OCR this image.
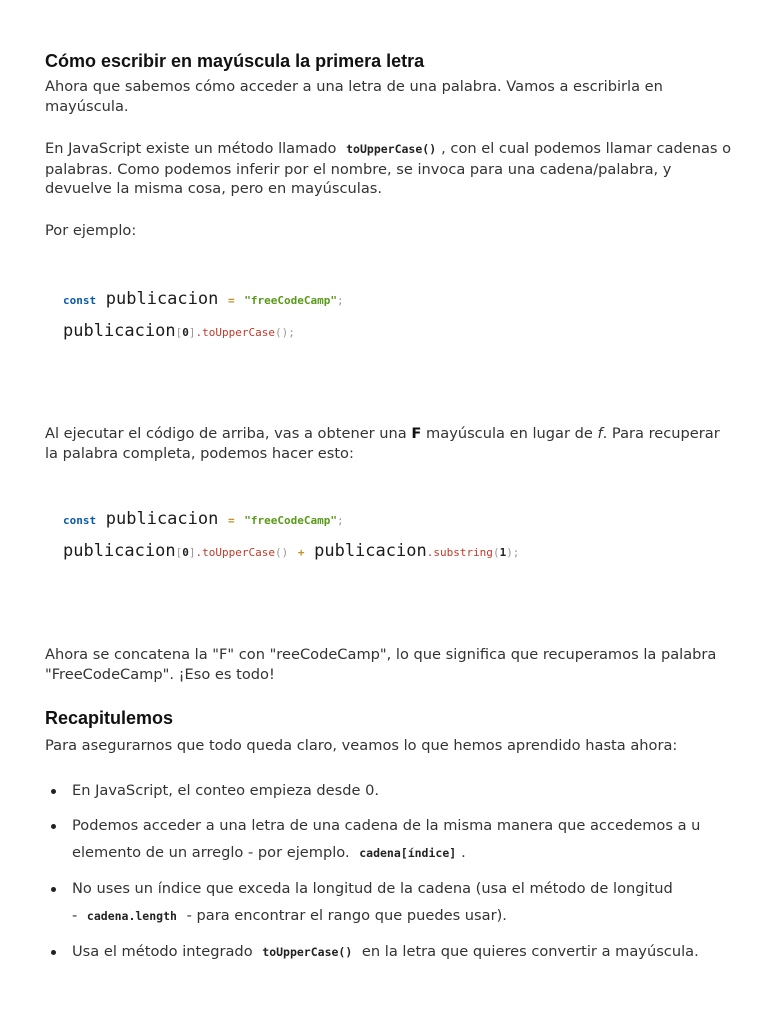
Cómo escribir en mayúscula la primera letra

Ahora que sabemos cómo acceder a una letra de una palabra. Vamos a escribirla en mayúscula.

En JavaScript existe un método llamado toUpperCase() , con el cual podemos llamar cadenas o palabras. Como podemos inferir por el nombre, se invoca para una cadena/palabra, y devuelve la misma cosa, pero en mayúsculas.

Por ejemplo:

const publicacion = "freeCodeCamp";
publicacion[0].toUpperCase();

Al ejecutar el código de arriba, vas a obtener una F mayúscula en lugar de f. Para recuperar la palabra completa, podemos hacer esto:

const publicacion = "freeCodeCamp";
publicacion[0].toUpperCase() + publicacion.substring(1);

Ahora se concatena la "F" con "reeCodeCamp", lo que significa que recuperamos la palabra "FreeCodeCamp". ¡Eso es todo!

Recapitulemos

Para asegurarnos que todo queda claro, veamos lo que hemos aprendido hasta ahora:

En JavaScript, el conteo empieza desde 0.
Podemos acceder a una letra de una cadena de la misma manera que accedemos a u
elemento de un arreglo - por ejemplo. cadena[índice] .
No uses un índice que exceda la longitud de la cadena (usa el método de longitud
- cadena.length - para encontrar el rango que puedes usar).
Usa el método integrado toUpperCase() en la letra que quieres convertir a mayúscula.
